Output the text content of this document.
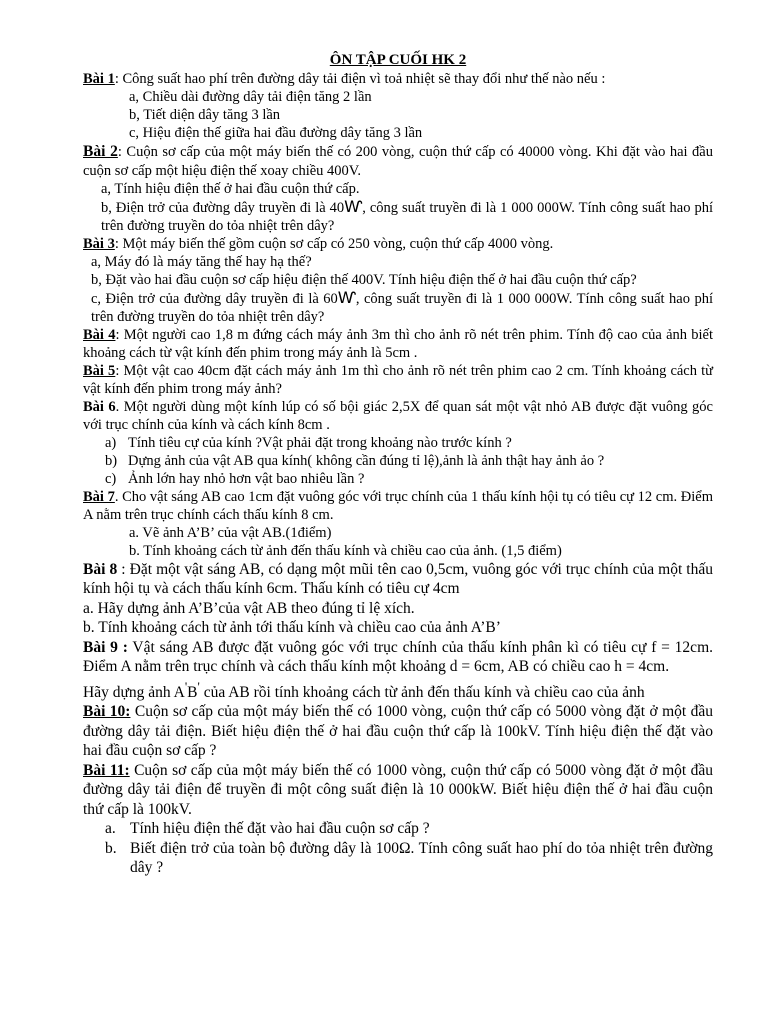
ÔN TẬP CUỐI HK 2

Bài 1: Công suất hao phí trên đường dây tải điện vì toả nhiệt sẽ thay đổi như thế nào nếu :

a, Chiều dài đường dây tải điện tăng 2 lần

b, Tiết diện dây tăng 3 lần

c, Hiệu điện thế giữa hai đầu đường dây tăng 3 lần

Bài 2: Cuộn sơ cấp của một máy biến thế có 200 vòng, cuộn thứ cấp có 40000 vòng. Khi đặt vào hai đầu cuộn sơ cấp một hiệu điện thế xoay chiều 400V.

a, Tính hiệu điện thế ở hai đầu cuộn thứ cấp.

b, Điện trở của đường dây truyền đi là 40Ⱳ, công suất truyền đi là 1 000 000W. Tính công suất hao phí trên đường truyền do tỏa nhiệt trên dây?

Bài 3: Một máy biến thế gồm cuộn sơ cấp có 250 vòng, cuộn thứ cấp 4000 vòng.

a, Máy đó là máy tăng thế hay hạ thế?

b, Đặt vào hai đầu cuộn sơ cấp hiệu điện thế 400V. Tính hiệu điện thế ở hai đầu cuộn thứ cấp?

c, Điện trở của đường dây truyền đi là 60Ⱳ, công suất truyền đi là 1 000 000W. Tính công suất hao phí trên đường truyền do tỏa nhiệt trên dây?

Bài 4: Một người cao 1,8 m đứng cách máy ảnh 3m thì cho ảnh rõ nét trên phim. Tính độ cao của ảnh biết khoảng cách từ vật kính đến phim trong máy ảnh là 5cm .

Bài 5: Một vật cao 40cm đặt cách máy ảnh 1m thì cho ảnh rõ nét trên phim cao 2 cm. Tính khoảng cách từ vật kính đến phim trong máy ảnh?

Bài 6. Một người dùng một kính lúp có số bội giác 2,5X để quan sát một vật nhỏ AB được đặt vuông góc với trục chính của kính và cách kính 8cm .

a) Tính tiêu cự của kính ?Vật phải đặt trong khoảng nào trước kính ?
b) Dựng ảnh của vật AB qua kính( không cần đúng tỉ lệ),ảnh là ảnh thật hay ảnh ảo ?
c) Ảnh lớn hay nhỏ hơn vật bao nhiêu lần ?

Bài 7. Cho vật sáng AB cao 1cm đặt vuông góc với trục chính của 1 thấu kính hội tụ có tiêu cự 12 cm. Điểm A nằm trên trục chính cách thấu kính 8 cm.

a. Vẽ ảnh A’B’ của vật AB.(1điểm)

b. Tính khoảng cách từ ảnh đến thấu kính và chiều cao của ảnh. (1,5 điểm)

Bài 8 : Đặt một vật sáng AB, có dạng một mũi tên cao 0,5cm, vuông góc với trục chính của một thấu kính hội tụ và cách thấu kính 6cm. Thấu kính có tiêu cự 4cm

a. Hãy dựng ảnh A’B’của vật AB theo đúng tỉ lệ xích.

b. Tính khoảng cách từ ảnh tới thấu kính và chiều cao của ảnh A’B’

Bài 9 : Vật sáng AB được đặt vuông góc với trục chính của thấu kính phân kì có tiêu cự f = 12cm. Điểm A nằm trên trục chính và cách thấu kính một khoảng d = 6cm, AB có chiều cao h = 4cm.

Hãy dựng ảnh A'B' của AB rồi tính khoảng cách từ ảnh đến thấu kính và chiều cao của ảnh

Bài 10: Cuộn sơ cấp của một máy biến thế có 1000 vòng, cuộn thứ cấp có 5000 vòng đặt ở một đầu đường dây tải điện. Biết hiệu điện thế ở hai đầu cuộn thứ cấp là 100kV. Tính hiệu điện thế đặt vào hai đầu cuộn sơ cấp ?

Bài 11: Cuộn sơ cấp của một máy biến thế có 1000 vòng, cuộn thứ cấp có 5000 vòng đặt ở một đầu đường dây tải điện để truyền đi một công suất điện là 10 000kW. Biết hiệu điện thế ở hai đầu cuộn thứ cấp là 100kV.

a. Tính hiệu điện thế đặt vào hai đầu cuộn sơ cấp ?
b. Biết điện trở của toàn bộ đường dây là 100Ω. Tính công suất hao phí do tỏa nhiệt trên đường dây ?
